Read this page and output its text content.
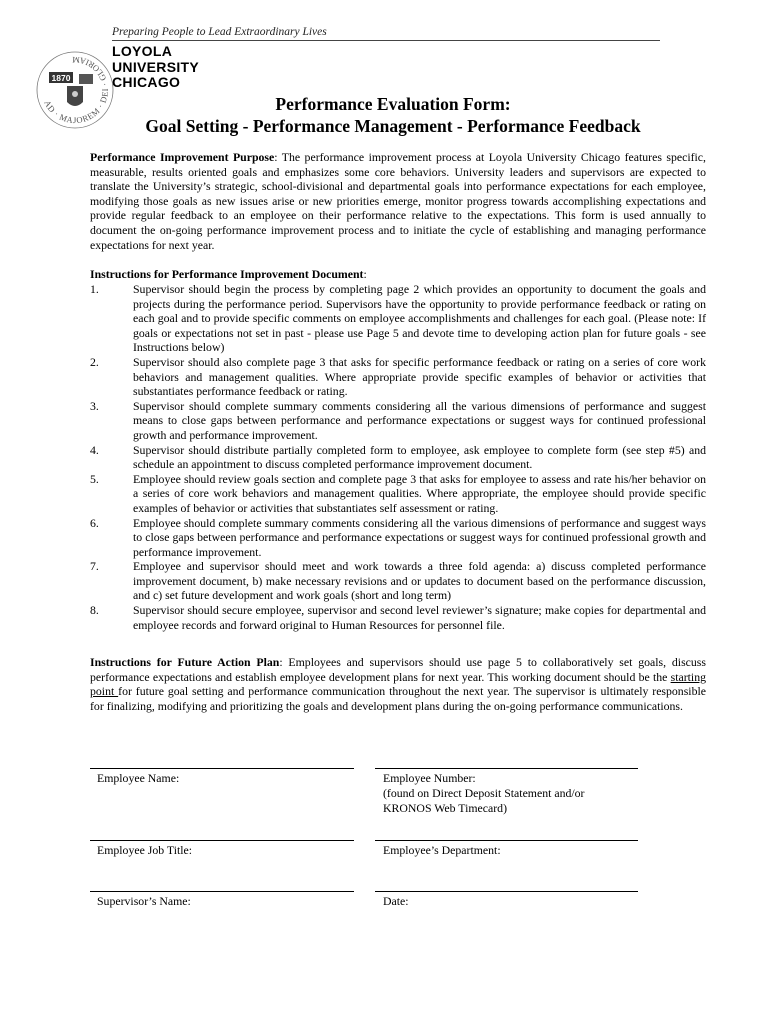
Preparing People to Lead Extraordinary Lives
LOYOLA
UNIVERSITY
CHICAGO
AD · MAJOREM · DEI · GLORIAM
1870
Performance Evaluation Form:
Goal Setting - Performance Management - Performance Feedback
Performance Improvement Purpose: The performance improvement process at Loyola University Chicago features specific, measurable, results oriented goals and emphasizes some core behaviors. University leaders and supervisors are expected to translate the University’s strategic, school-divisional and departmental goals into performance expectations for each employee, modifying those goals as new issues arise or new priorities emerge, monitor progress towards accomplishing expectations and provide regular feedback to an employee on their performance relative to the expectations. This form is used annually to document the on-going performance improvement process and to initiate the cycle of establishing and managing performance expectations for next year.
Instructions for Performance Improvement Document:
1.	Supervisor should begin the process by completing page 2 which provides an opportunity to document the goals and projects during the performance period. Supervisors have the opportunity to provide performance feedback or rating on each goal and to provide specific comments on employee accomplishments and challenges for each goal. (Please note: If goals or expectations not set in past - please use Page 5 and devote time to developing action plan for future goals - see Instructions below)
2.	Supervisor should also complete page 3 that asks for specific performance feedback or rating on a series of core work behaviors and management qualities. Where appropriate provide specific examples of behavior or activities that substantiates performance feedback or rating.
3.	Supervisor should complete summary comments considering all the various dimensions of performance and suggest means to close gaps between performance and performance expectations or suggest ways for continued professional growth and performance improvement.
4.	Supervisor should distribute partially completed form to employee, ask employee to complete form (see step #5) and schedule an appointment to discuss completed performance improvement document.
5.	Employee should review goals section and complete page 3 that asks for employee to assess and rate his/her behavior on a series of core work behaviors and management qualities. Where appropriate, the employee should provide specific examples of behavior or activities that substantiates self assessment or rating.
6.	Employee should complete summary comments considering all the various dimensions of performance and suggest ways to close gaps between performance and performance expectations or suggest ways for continued professional growth and performance improvement.
7.	Employee and supervisor should meet and work towards a three fold agenda: a) discuss completed performance improvement document, b) make necessary revisions and or updates to document based on the performance discussion, and c) set future development and work goals (short and long term)
8.	Supervisor should secure employee, supervisor and second level reviewer’s signature; make copies for departmental and employee records and forward original to Human Resources for personnel file.
Instructions for Future Action Plan: Employees and supervisors should use page 5 to collaboratively set goals, discuss performance expectations and establish employee development plans for next year. This working document should be the starting point for future goal setting and performance communication throughout the next year. The supervisor is ultimately responsible for finalizing, modifying and prioritizing the goals and development plans during the on-going performance communications.
Employee Name:	Employee Number:
(found on Direct Deposit Statement and/or
KRONOS Web Timecard)
Employee Job Title:	Employee’s Department:
Supervisor’s Name:	Date:
